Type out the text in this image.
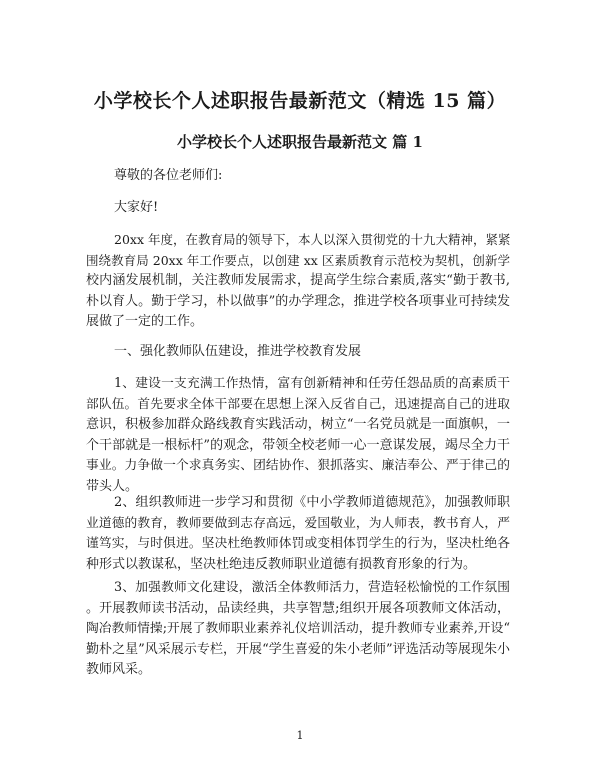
小学校长个人述职报告最新范文（精选 15 篇）
小学校长个人述职报告最新范文 篇 1
尊敬的各位老师们:
大家好!
20xx 年度，在教育局的领导下，本人以深入贯彻党的十九大精神，紧紧
围绕教育局 20xx 年工作要点，以创建 xx 区素质教育示范校为契机，创新学
校内涵发展机制，关注教师发展需求，提高学生综合素质,落实“勤于教书,
朴以育人。勤于学习，朴以做事”的办学理念，推进学校各项事业可持续发
展做了一定的工作。
一、强化教师队伍建设，推进学校教育发展
1、建设一支充满工作热情，富有创新精神和任劳任怨品质的高素质干
部队伍。首先要求全体干部要在思想上深入反省自己，迅速提高自己的进取
意识，积极参加群众路线教育实践活动，树立“一名党员就是一面旗帜，一
个干部就是一根标杆”的观念，带领全校老师一心一意谋发展，竭尽全力干
事业。力争做一个求真务实、团结协作、狠抓落实、廉洁奉公、严于律己的
带头人。
2、组织教师进一步学习和贯彻《中小学教师道德规范》，加强教师职
业道德的教育，教师要做到志存高远，爱国敬业，为人师表，教书育人，严
谨笃实，与时俱进。坚决杜绝教师体罚或变相体罚学生的行为，坚决杜绝各
种形式以教谋私，坚决杜绝违反教师职业道德有损教育形象的行为。
3、加强教师文化建设，激活全体教师活力，营造轻松愉悦的工作氛围
。开展教师读书活动，品读经典，共享智慧;组织开展各项教师文体活动，
陶冶教师情操;开展了教师职业素养礼仪培训活动，提升教师专业素养,开设“
勤朴之星”风采展示专栏，开展“学生喜爱的朱小老师”评选活动等展现朱小
教师风采。
1
